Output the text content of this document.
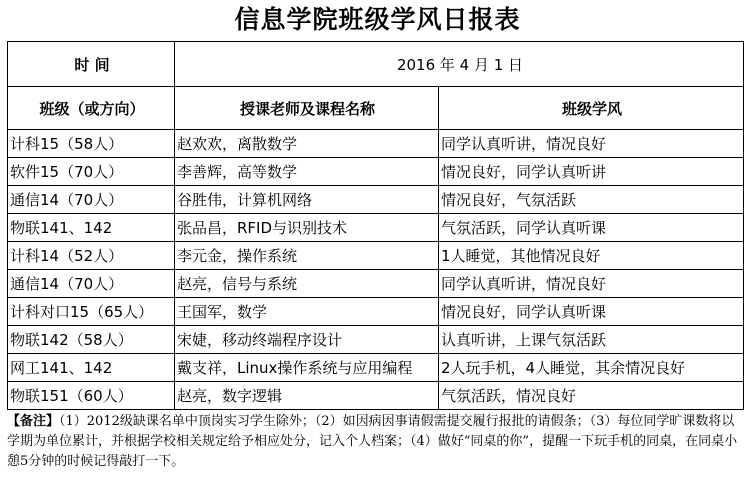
信息学院班级学风日报表
时 间	2016 年 4 月 1 日	
班级（或方向）	授课老师及课程名称	班级学风
计科15（58人）	赵欢欢，离散数学	同学认真听讲，情况良好
软件15（70人）	李善辉，高等数学	情况良好，同学认真听讲
通信14（70人）	谷胜伟，计算机网络	情况良好，气氛活跃
物联141、142	张品昌，RFID与识别技术	气氛活跃，同学认真听课
计科14（52人）	李元金，操作系统	1人睡觉，其他情况良好
通信14（70人）	赵亮，信号与系统	同学认真听讲，情况良好
计科对口15（65人）	王国军，数学	情况良好，同学认真听课
物联142（58人）	宋婕，移动终端程序设计	认真听讲，上课气氛活跃
网工141、142	戴支祥，Linux操作系统与应用编程	2人玩手机，4人睡觉，其余情况良好
物联151（60人）	赵亮，数字逻辑	气氛活跃，情况良好
【备注】（1）2012级缺课名单中顶岗实习学生除外；（2）如因病因事请假需提交履行报批的请假条；（3）每位同学旷课数将以学期为单位累计，并根据学校相关规定给予相应处分，记入个人档案；（4）做好“同桌的你”，提醒一下玩手机的同桌，在同桌小憩5分钟的时候记得敲打一下。
